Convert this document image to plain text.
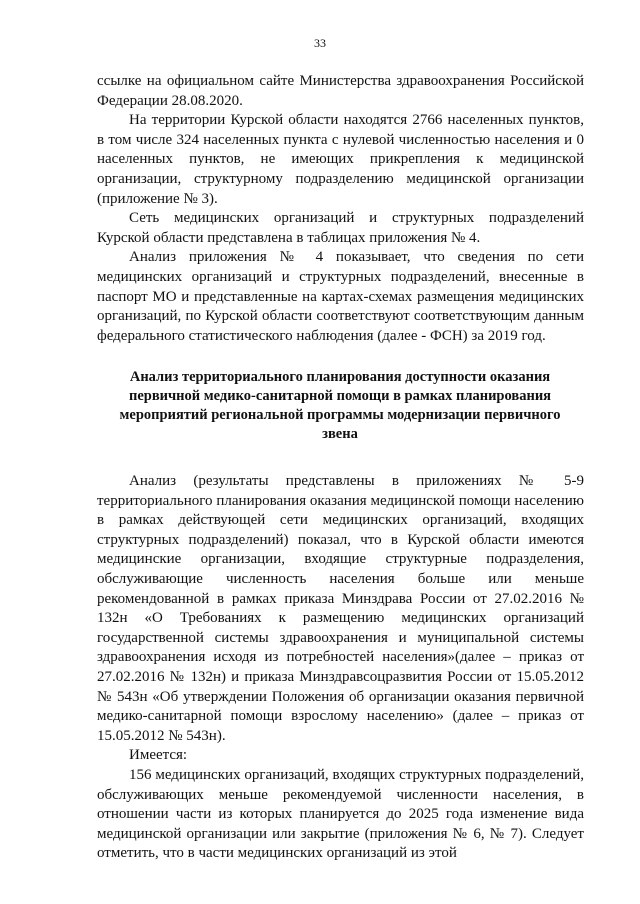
33

ссылке на официальном сайте Министерства здравоохранения Российской Федерации 28.08.2020.

На территории Курской области находятся 2766 населенных пунктов, в том числе 324 населенных пункта с нулевой численностью населения и 0 населенных пунктов, не имеющих прикрепления к медицинской организации, структурному подразделению медицинской организации (приложение № 3).

Сеть медицинских организаций и структурных подразделений Курской области представлена в таблицах приложения № 4.

Анализ приложения № 4 показывает, что сведения по сети медицинских организаций и структурных подразделений, внесенные в паспорт МО и представленные на картах-схемах размещения медицинских организаций, по Курской области соответствуют соответствующим данным федерального статистического наблюдения (далее - ФСН) за 2019 год.

Анализ территориального планирования доступности оказания первичной медико-санитарной помощи в рамках планирования мероприятий региональной программы модернизации первичного звена

Анализ (результаты представлены в приложениях № 5-9 территориального планирования оказания медицинской помощи населению в рамках действующей сети медицинских организаций, входящих структурных подразделений) показал, что в Курской области имеются медицинские организации, входящие структурные подразделения, обслуживающие численность населения больше или меньше рекомендованной в рамках приказа Минздрава России от 27.02.2016 № 132н «О Требованиях к размещению медицинских организаций государственной системы здравоохранения и муниципальной системы здравоохранения исходя из потребностей населения»(далее – приказ от 27.02.2016 № 132н) и приказа Минздравсоцразвития России от 15.05.2012 № 543н «Об утверждении Положения об организации оказания первичной медико-санитарной помощи взрослому населению» (далее – приказ от 15.05.2012 № 543н).

Имеется:

156 медицинских организаций, входящих структурных подразделений, обслуживающих меньше рекомендуемой численности населения, в отношении части из которых планируется до 2025 года изменение вида медицинской организации или закрытие (приложения № 6, № 7). Следует отметить, что в части медицинских организаций из этой
